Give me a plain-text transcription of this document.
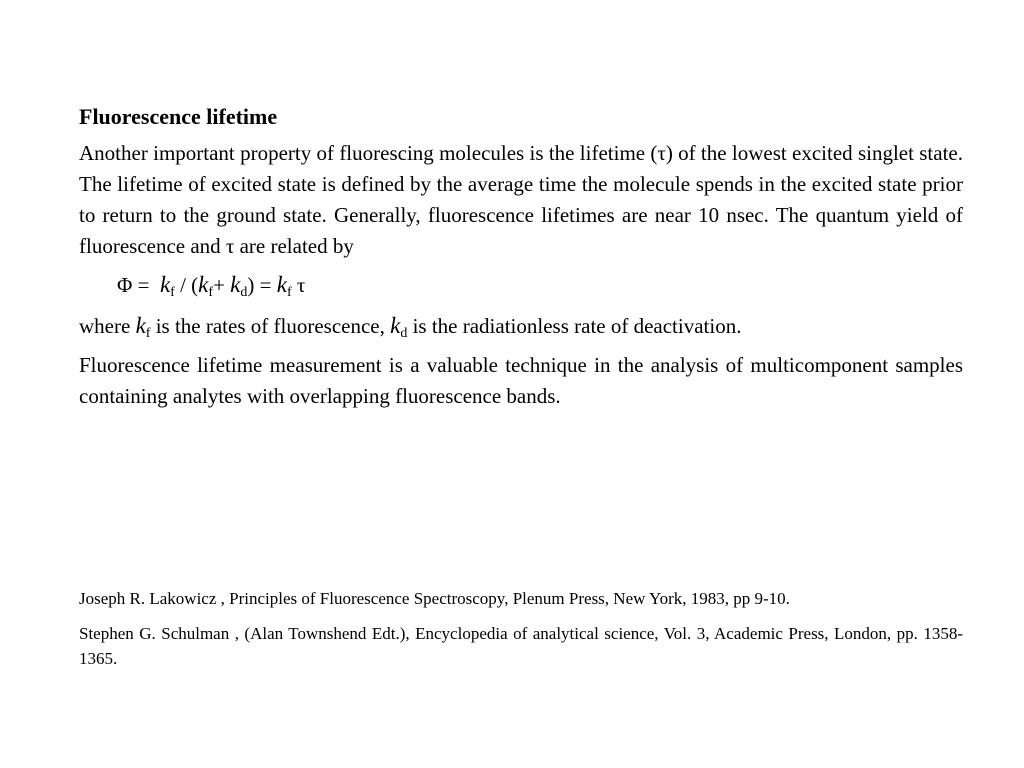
Fluorescence lifetime

Another important property of fluorescing molecules is the lifetime (τ) of the lowest excited singlet state. The lifetime of excited state is defined by the average time the molecule spends in the excited state prior to return to the ground state. Generally, fluorescence lifetimes are near 10 nsec. The quantum yield of fluorescence and τ are related by

$\Phi = k_f / (k_f+ k_d) = k_f$ τ

where $k_f$ is the rates of fluorescence, $k_d$ is the radiationless rate of deactivation.

Fluorescence lifetime measurement is a valuable technique in the analysis of multicomponent samples containing analytes with overlapping fluorescence bands.

Joseph R. Lakowicz , Principles of Fluorescence Spectroscopy, Plenum Press, New York, 1983, pp 9-10.

Stephen G. Schulman , (Alan Townshend Edt.), Encyclopedia of analytical science, Vol. 3, Academic Press, London, pp. 1358-1365.
